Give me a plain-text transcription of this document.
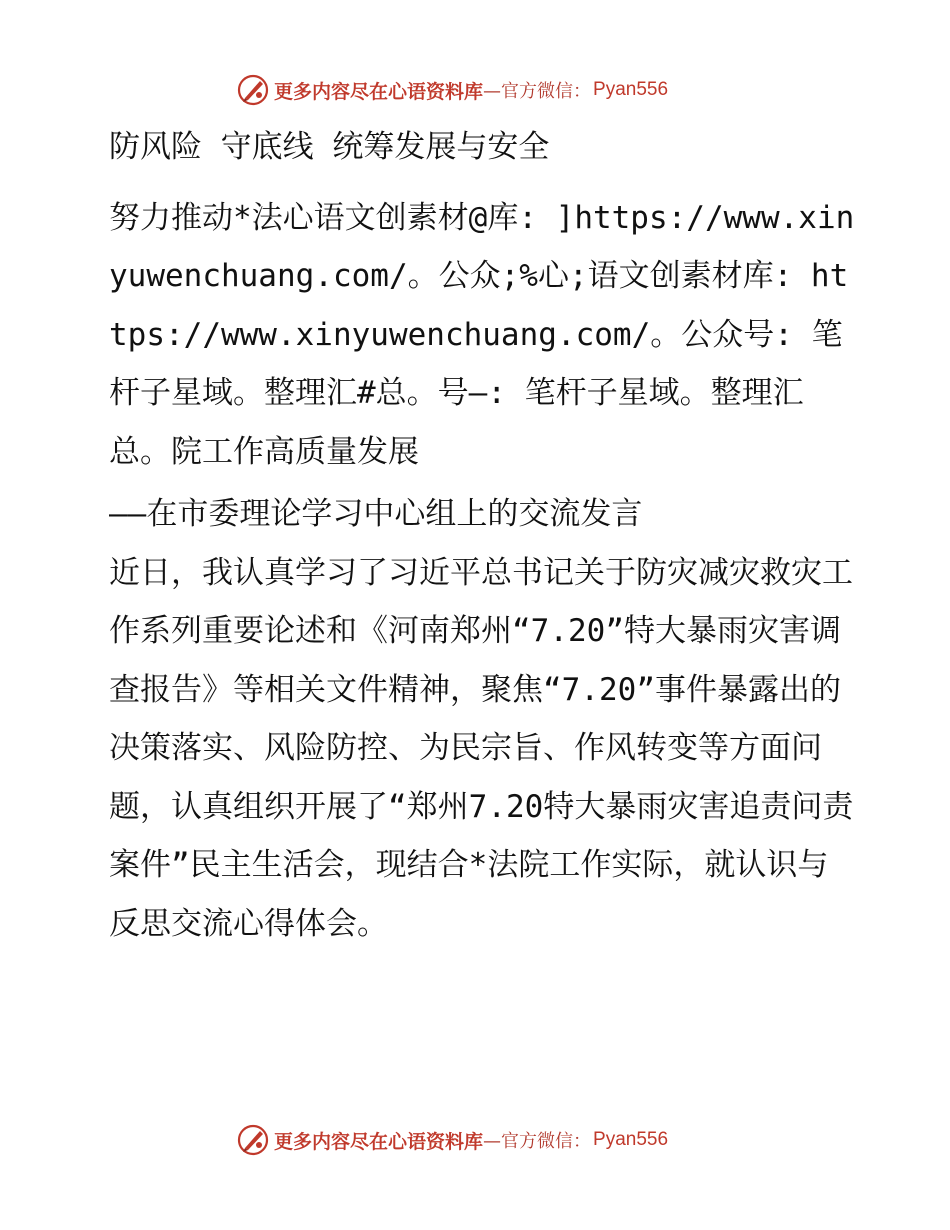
更多内容尽在心语资料库 —官方微信： Pyan556

防风险 守底线 统筹发展与安全

努力推动*法心语文创素材@库: ]https://www.xinyuwenchuang.com/。公众;%心;语文创素材库: https://www.xinyuwenchuang.com/。公众号: 笔杆子星域。整理汇#总。号—: 笔杆子星域。整理汇总。院工作高质量发展

——在市委理论学习中心组上的交流发言

近日，我认真学习了习近平总书记关于防灾减灾救灾工作系列重要论述和《河南郑州“7.20”特大暴雨灾害调查报告》等相关文件精神，聚焦“7.20”事件暴露出的决策落实、风险防控、为民宗旨、作风转变等方面问题，认真组织开展了“郑州7.20特大暴雨灾害追责问责案件”民主生活会，现结合*法院工作实际，就认识与反思交流心得体会。

更多内容尽在心语资料库 —官方微信： Pyan556
